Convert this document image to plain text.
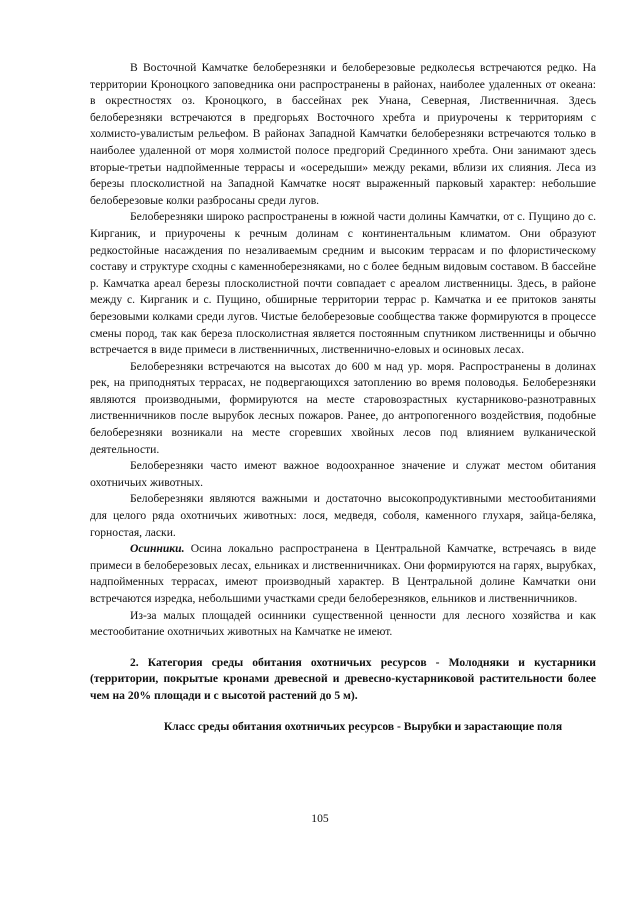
В Восточной Камчатке белоберезняки и белоберезовые редколесья встречаются редко. На территории Кроноцкого заповедника они распространены в районах, наиболее удаленных от океана: в окрестностях оз. Кроноцкого, в бассейнах рек Унана, Северная, Лиственничная. Здесь белоберезняки встречаются в предгорьях Восточного хребта и приурочены к территориям с холмисто-увалистым рельефом. В районах Западной Камчатки белоберезняки встречаются только в наиболее удаленной от моря холмистой полосе предгорий Срединного хребта. Они занимают здесь вторые-третьи надпойменные террасы и «осередыши» между реками, вблизи их слияния. Леса из березы плосколистной на Западной Камчатке носят выраженный парковый характер: небольшие белоберезовые колки разбросаны среди лугов.

Белоберезняки широко распространены в южной части долины Камчатки, от с. Пущино до с. Кирганик, и приурочены к речным долинам с континентальным климатом. Они образуют редкостойные насаждения по незаливаемым средним и высоким террасам и по флористическому составу и структуре сходны с каменноберезняками, но с более бедным видовым составом. В бассейне р. Камчатка ареал березы плосколистной почти совпадает с ареалом лиственницы. Здесь, в районе между с. Кирганик и с. Пущино, обширные территории террас р. Камчатка и ее притоков заняты березовыми колками среди лугов. Чистые белоберезовые сообщества также формируются в процессе смены пород, так как береза плосколистная является постоянным спутником лиственницы и обычно встречается в виде примеси в лиственничных, лиственнично-еловых и осиновых лесах.

Белоберезняки встречаются на высотах до 600 м над ур. моря. Распространены в долинах рек, на приподнятых террасах, не подвергающихся затоплению во время половодья. Белоберезняки являются производными, формируются на месте старовозрастных кустарниково-разнотравных лиственничников после вырубок лесных пожаров. Ранее, до антропогенного воздействия, подобные белоберезняки возникали на месте сгоревших хвойных лесов под влиянием вулканической деятельности.

Белоберезняки часто имеют важное водоохранное значение и служат местом обитания охотничьих животных.

Белоберезняки являются важными и достаточно высокопродуктивными местообитаниями для целого ряда охотничьих животных: лося, медведя, соболя, каменного глухаря, зайца-беляка, горностая, ласки.

Осинники. Осина локально распространена в Центральной Камчатке, встречаясь в виде примеси в белоберезовых лесах, ельниках и лиственничниках. Они формируются на гарях, вырубках, надпойменных террасах, имеют производный характер. В Центральной долине Камчатки они встречаются изредка, небольшими участками среди белоберезняков, ельников и лиственничников.

Из-за малых площадей осинники существенной ценности для лесного хозяйства и как местообитание охотничьих животных на Камчатке не имеют.

2. Категория среды обитания охотничьих ресурсов - Молодняки и кустарники (территории, покрытые кронами древесной и древесно-кустарниковой растительности более чем на 20% площади и с высотой растений до 5 м).

Класс среды обитания охотничьих ресурсов - Вырубки и зарастающие поля

105
